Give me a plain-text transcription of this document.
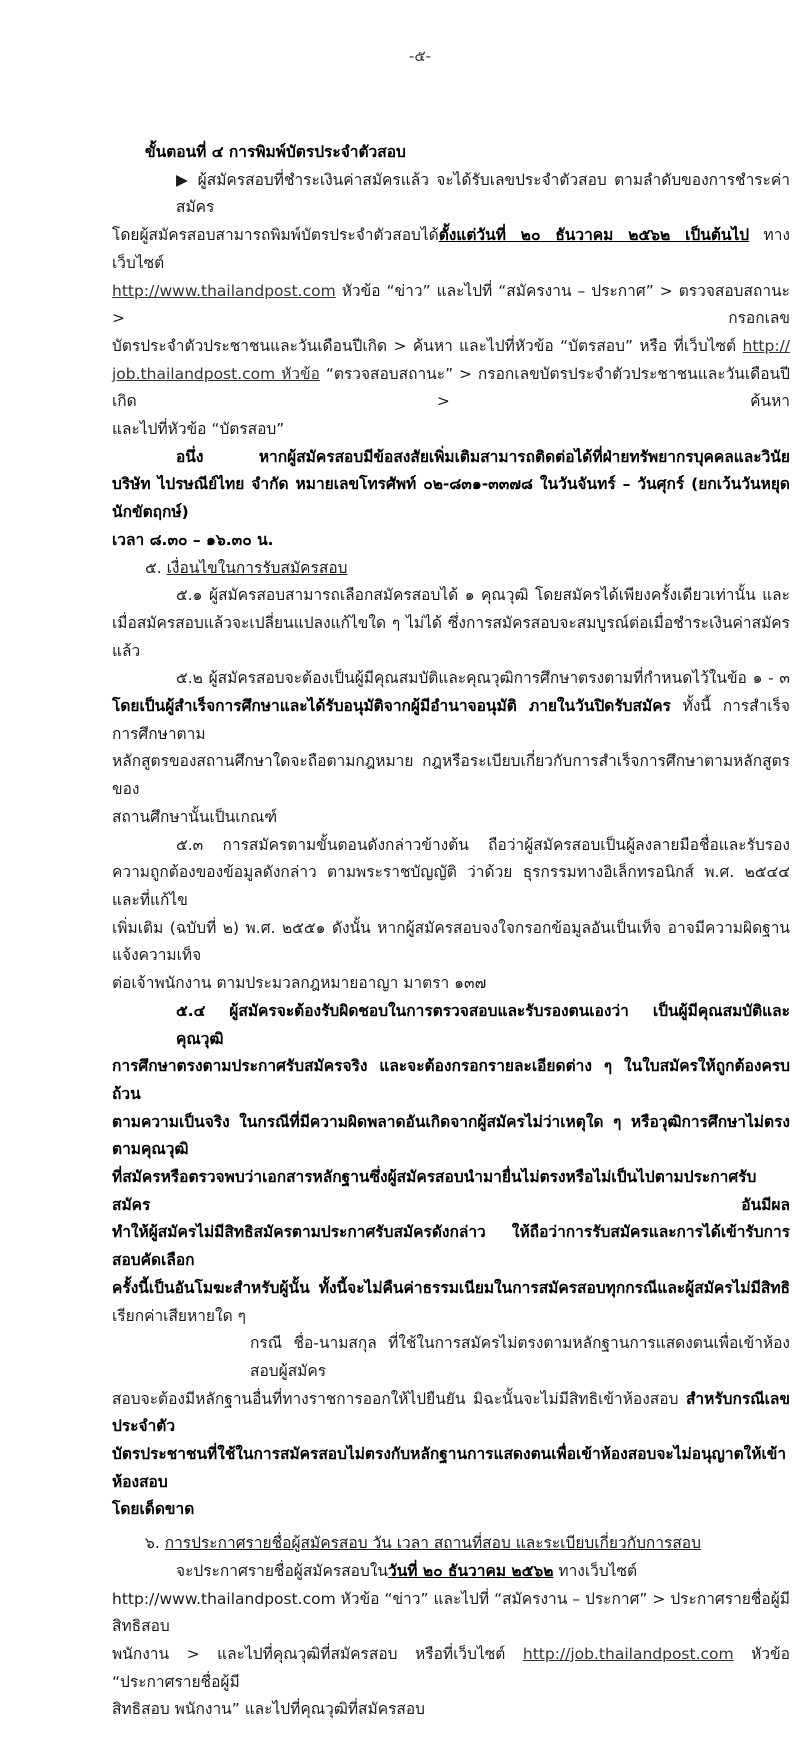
-๕-
ขั้นตอนที่ ๔ การพิมพ์บัตรประจำตัวสอบ
▶ ผู้สมัครสอบที่ชำระเงินค่าสมัครแล้ว จะได้รับเลขประจำตัวสอบ ตามลำดับของการชำระค่าสมัคร
โดยผู้สมัครสอบสามารถพิมพ์บัตรประจำตัวสอบได้ตั้งแต่วันที่ ๒๐ ธันวาคม ๒๕๖๒ เป็นต้นไป ทางเว็บไซต์
http://www.thailandpost.com หัวข้อ “ข่าว” และไปที่ “สมัครงาน – ประกาศ” > ตรวจสอบสถานะ > กรอกเลข
บัตรประจำตัวประชาชนและวันเดือนปีเกิด > ค้นหา และไปที่หัวข้อ “บัตรสอบ” หรือ ที่เว็บไซต์ http://
job.thailandpost.com หัวข้อ “ตรวจสอบสถานะ” > กรอกเลขบัตรประจำตัวประชาชนและวันเดือนปีเกิด > ค้นหา
และไปที่หัวข้อ “บัตรสอบ”
อนึ่ง หากผู้สมัครสอบมีข้อสงสัยเพิ่มเติมสามารถติดต่อได้ที่ฝ่ายทรัพยากรบุคคลและวินัย
บริษัท ไปรษณีย์ไทย จำกัด หมายเลขโทรศัพท์ ๐๒-๘๓๑-๓๓๗๘ ในวันจันทร์ – วันศุกร์ (ยกเว้นวันหยุดนักขัตฤกษ์)
เวลา ๘.๓๐ – ๑๖.๓๐ น.
๕. เงื่อนไขในการรับสมัครสอบ
๕.๑ ผู้สมัครสอบสามารถเลือกสมัครสอบได้ ๑ คุณวุฒิ โดยสมัครได้เพียงครั้งเดียวเท่านั้น และ
เมื่อสมัครสอบแล้วจะเปลี่ยนแปลงแก้ไขใด ๆ ไม่ได้ ซึ่งการสมัครสอบจะสมบูรณ์ต่อเมื่อชำระเงินค่าสมัครแล้ว
๕.๒ ผู้สมัครสอบจะต้องเป็นผู้มีคุณสมบัติและคุณวุฒิการศึกษาตรงตามที่กำหนดไว้ในข้อ ๑ - ๓
โดยเป็นผู้สำเร็จการศึกษาและได้รับอนุมัติจากผู้มีอำนาจอนุมัติ ภายในวันปิดรับสมัคร ทั้งนี้ การสำเร็จการศึกษาตาม
หลักสูตรของสถานศึกษาใดจะถือตามกฎหมาย กฎหรือระเบียบเกี่ยวกับการสำเร็จการศึกษาตามหลักสูตรของ
สถานศึกษานั้นเป็นเกณฑ์
๕.๓ การสมัครตามขั้นตอนดังกล่าวข้างต้น ถือว่าผู้สมัครสอบเป็นผู้ลงลายมือชื่อและรับรอง
ความถูกต้องของข้อมูลดังกล่าว ตามพระราชบัญญัติ ว่าด้วย ธุรกรรมทางอิเล็กทรอนิกส์ พ.ศ. ๒๕๔๔ และที่แก้ไข
เพิ่มเติม (ฉบับที่ ๒) พ.ศ. ๒๕๕๑ ดังนั้น หากผู้สมัครสอบจงใจกรอกข้อมูลอันเป็นเท็จ อาจมีความผิดฐานแจ้งความเท็จ
ต่อเจ้าพนักงาน ตามประมวลกฎหมายอาญา มาตรา ๑๓๗
๕.๔ ผู้สมัครจะต้องรับผิดชอบในการตรวจสอบและรับรองตนเองว่า เป็นผู้มีคุณสมบัติและคุณวุฒิ
การศึกษาตรงตามประกาศรับสมัครจริง และจะต้องกรอกรายละเอียดต่าง ๆ ในใบสมัครให้ถูกต้องครบถ้วน
ตามความเป็นจริง ในกรณีที่มีความผิดพลาดอันเกิดจากผู้สมัครไม่ว่าเหตุใด ๆ หรือวุฒิการศึกษาไม่ตรงตามคุณวุฒิ
ที่สมัครหรือตรวจพบว่าเอกสารหลักฐานซึ่งผู้สมัครสอบนำมายื่นไม่ตรงหรือไม่เป็นไปตามประกาศรับสมัคร อันมีผล
ทำให้ผู้สมัครไม่มีสิทธิสมัครตามประกาศรับสมัครดังกล่าว ให้ถือว่าการรับสมัครและการได้เข้ารับการสอบคัดเลือก
ครั้งนี้เป็นอันโมฆะสำหรับผู้นั้น ทั้งนี้จะไม่คืนค่าธรรมเนียมในการสมัครสอบทุกกรณีและผู้สมัครไม่มีสิทธิ
เรียกค่าเสียหายใด ๆ
กรณี ชื่อ-นามสกุล ที่ใช้ในการสมัครไม่ตรงตามหลักฐานการแสดงตนเพื่อเข้าห้องสอบผู้สมัคร
สอบจะต้องมีหลักฐานอื่นที่ทางราชการออกให้ไปยืนยัน มิฉะนั้นจะไม่มีสิทธิเข้าห้องสอบ สำหรับกรณีเลขประจำตัว
บัตรประชาชนที่ใช้ในการสมัครสอบไม่ตรงกับหลักฐานการแสดงตนเพื่อเข้าห้องสอบจะไม่อนุญาตให้เข้าห้องสอบ
โดยเด็ดขาด
๖. การประกาศรายชื่อผู้สมัครสอบ วัน เวลา สถานที่สอบ และระเบียบเกี่ยวกับการสอบ
จะประกาศรายชื่อผู้สมัครสอบในวันที่ ๒๐ ธันวาคม ๒๕๖๒ ทางเว็บไซต์
http://www.thailandpost.com หัวข้อ “ข่าว” และไปที่ “สมัครงาน – ประกาศ” > ประกาศรายชื่อผู้มีสิทธิสอบ
พนักงาน > และไปที่คุณวุฒิที่สมัครสอบ หรือที่เว็บไซต์ http://job.thailandpost.com หัวข้อ “ประกาศรายชื่อผู้มี
สิทธิสอบ พนักงาน” และไปที่คุณวุฒิที่สมัครสอบ
